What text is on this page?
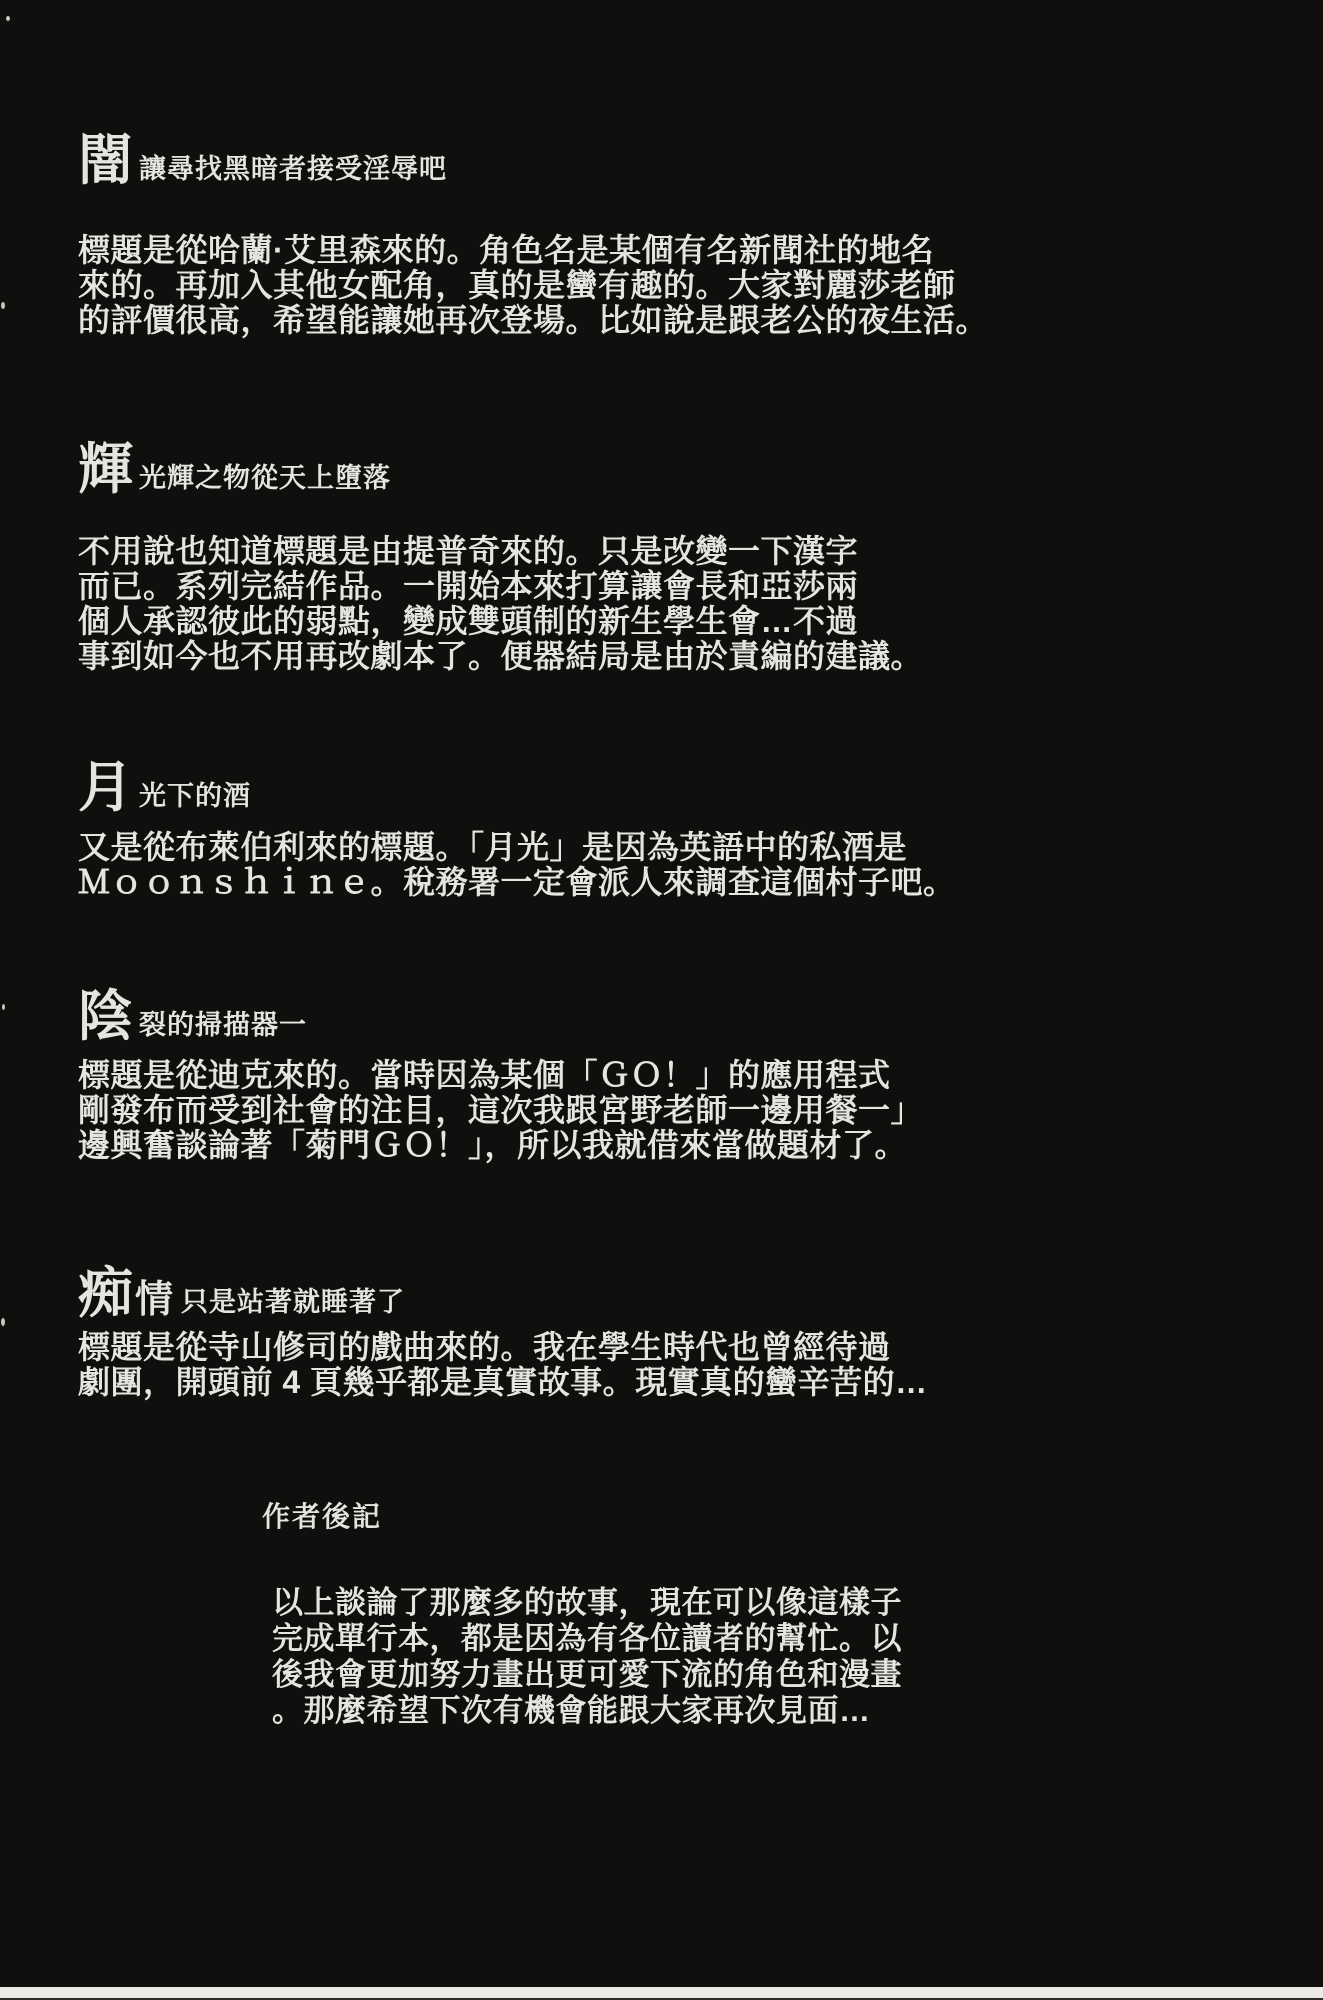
闇 讓尋找黑暗者接受淫辱吧
標題是從哈蘭·艾里森來的。角色名是某個有名新聞社的地名
來的。再加入其他女配角，真的是蠻有趣的。大家對麗莎老師
的評價很高，希望能讓她再次登場。比如說是跟老公的夜生活。
輝 光輝之物從天上墮落
不用說也知道標題是由提普奇來的。只是改變一下漢字
而已。系列完結作品。一開始本來打算讓會長和亞莎兩
個人承認彼此的弱點，變成雙頭制的新生學生會…不過
事到如今也不用再改劇本了。便器結局是由於責編的建議。
月 光下的酒
又是從布萊伯利來的標題。「月光」是因為英語中的私酒是
Ｍｏｏｎｓｈｉｎｅ。稅務署一定會派人來調查這個村子吧。
陰 裂的掃描器一
標題是從迪克來的。當時因為某個「ＧＯ！」的應用程式
剛發布而受到社會的注目，這次我跟宮野老師一邊用餐一」
邊興奮談論著「菊門ＧＯ！」，所以我就借來當做題材了。
痴 情 只是站著就睡著了
標題是從寺山修司的戲曲來的。我在學生時代也曾經待過
劇團，開頭前 4 頁幾乎都是真實故事。現實真的蠻辛苦的…
作者後記
以上談論了那麼多的故事，現在可以像這樣子
完成單行本，都是因為有各位讀者的幫忙。以
後我會更加努力畫出更可愛下流的角色和漫畫
。那麼希望下次有機會能跟大家再次見面…
